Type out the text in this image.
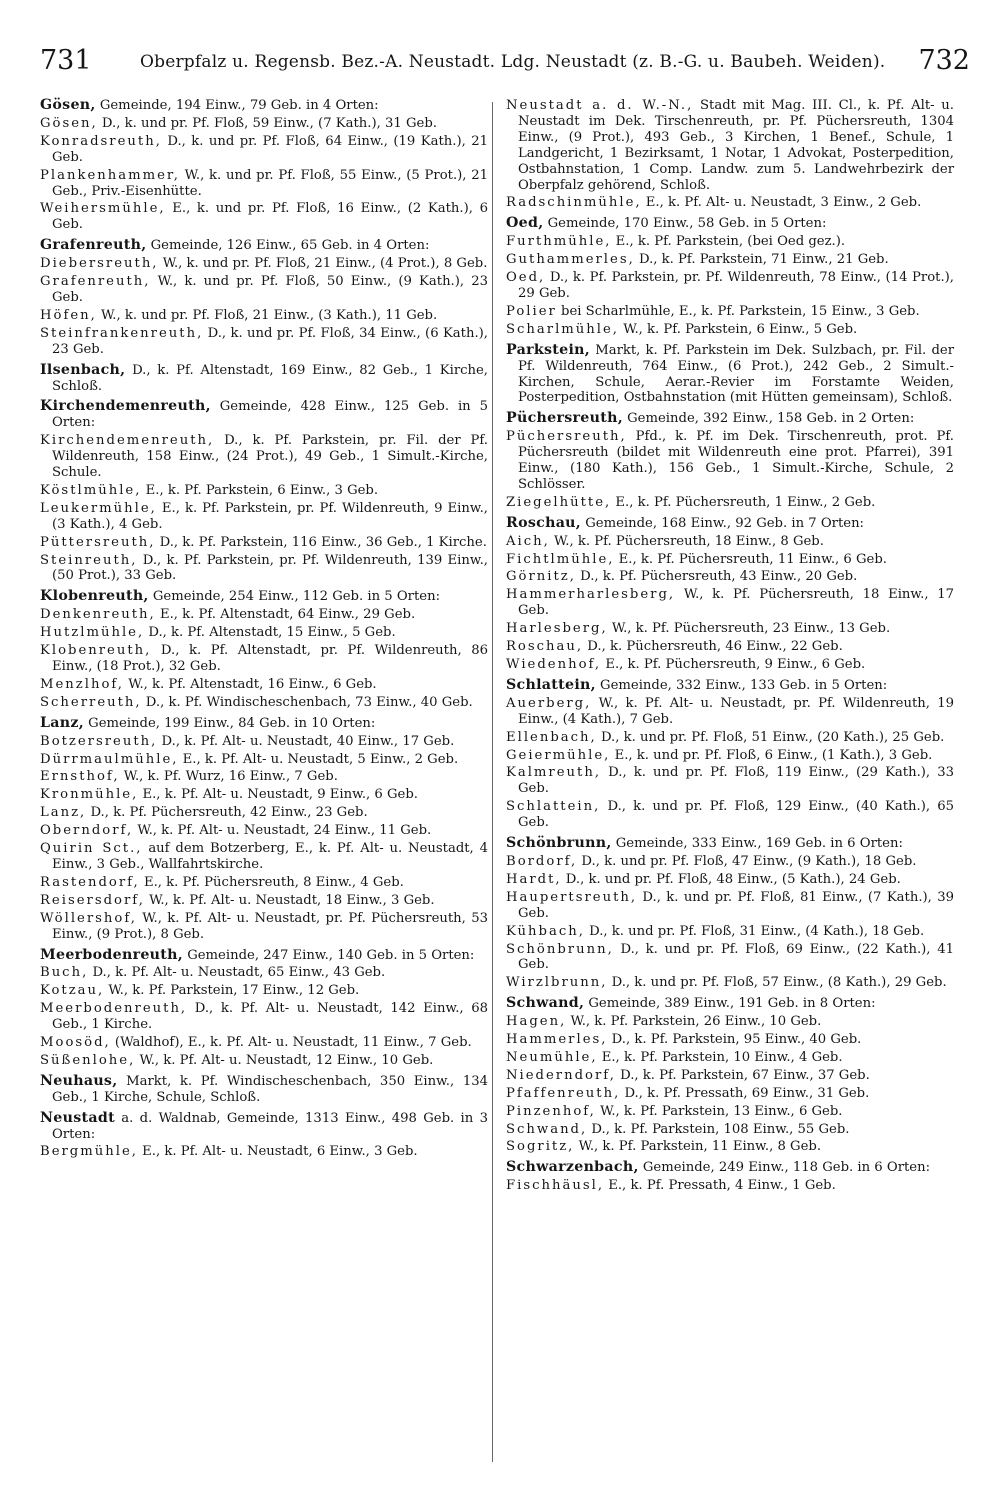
731	Oberpfalz u. Regensb. Bez.-A. Neustadt. Ldg. Neustadt (z. B.-G. u. Baubeh. Weiden). 732
Gösen, Gemeinde, 194 Einw., 79 Geb. in 4 Orten:
Gösen, D., k. und pr. Pf. Floß, 59 Einw., (7 Kath.), 31 Geb.
Konradsreuth, D., k. und pr. Pf. Floß, 64 Einw., (19 Kath.), 21 Geb.
Plankenhammer, W., k. und pr. Pf. Floß, 55 Einw., (5 Prot.), 21 Geb., Priv.-Eisenhütte.
Weihersmühle, E., k. und pr. Pf. Floß, 16 Einw., (2 Kath.), 6 Geb.
Grafenreuth, Gemeinde, 126 Einw., 65 Geb. in 4 Orten:
Diebersreuth, W., k. und pr. Pf. Floß, 21 Einw., (4 Prot.), 8 Geb.
Grafenreuth, W., k. und pr. Pf. Floß, 50 Einw., (9 Kath.), 23 Geb.
Höfen, W., k. und pr. Pf. Floß, 21 Einw., (3 Kath.), 11 Geb.
Steinfrankenreuth, D., k. und pr. Pf. Floß, 34 Einw., (6 Kath.), 23 Geb.
Ilsenbach, D., k. Pf. Altenstadt, 169 Einw., 82 Geb., 1 Kirche, Schloß.
Kirchendemenreuth, Gemeinde, 428 Einw., 125 Geb. in 5 Orten:
Kirchendemenreuth, D., k. Pf. Parkstein, pr. Fil. der Pf. Wildenreuth, 158 Einw., (24 Prot.), 49 Geb., 1 Simult.-Kirche, Schule.
Köstlmühle, E., k. Pf. Parkstein, 6 Einw., 3 Geb.
Leukermühle, E., k. Pf. Parkstein, pr. Pf. Wildenreuth, 9 Einw., (3 Kath.), 4 Geb.
Püttersreuth, D., k. Pf. Parkstein, 116 Einw., 36 Geb., 1 Kirche.
Steinreuth, D., k. Pf. Parkstein, pr. Pf. Wildenreuth, 139 Einw., (50 Prot.), 33 Geb.
Klobenreuth, Gemeinde, 254 Einw., 112 Geb. in 5 Orten:
Denkenreuth, E., k. Pf. Altenstadt, 64 Einw., 29 Geb.
Hutzlmühle, D., k. Pf. Altenstadt, 15 Einw., 5 Geb.
Klobenreuth, D., k. Pf. Altenstadt, pr. Pf. Wildenreuth, 86 Einw., (18 Prot.), 32 Geb.
Menzlhof, W., k. Pf. Altenstadt, 16 Einw., 6 Geb.
Scherreuth, D., k. Pf. Windischeschenbach, 73 Einw., 40 Geb.
Lanz, Gemeinde, 199 Einw., 84 Geb. in 10 Orten:
Botzersreuth, D., k. Pf. Alt- u. Neustadt, 40 Einw., 17 Geb.
Dürrmaulmühle, E., k. Pf. Alt- u. Neustadt, 5 Einw., 2 Geb.
Ernsthof, W., k. Pf. Wurz, 16 Einw., 7 Geb.
Kronmühle, E., k. Pf. Alt- u. Neustadt, 9 Einw., 6 Geb.
Lanz, D., k. Pf. Püchersreuth, 42 Einw., 23 Geb.
Oberndorf, W., k. Pf. Alt- u. Neustadt, 24 Einw., 11 Geb.
Quirin Sct., auf dem Botzerberg, E., k. Pf. Alt- u. Neustadt, 4 Einw., 3 Geb., Wallfahrtskirche.
Rastendorf, E., k. Pf. Püchersreuth, 8 Einw., 4 Geb.
Reisersdorf, W., k. Pf. Alt- u. Neustadt, 18 Einw., 3 Geb.
Wöllershof, W., k. Pf. Alt- u. Neustadt, pr. Pf. Püchersreuth, 53 Einw., (9 Prot.), 8 Geb.
Meerbodenreuth, Gemeinde, 247 Einw., 140 Geb. in 5 Orten:
Buch, D., k. Pf. Alt- u. Neustadt, 65 Einw., 43 Geb.
Kotzau, W., k. Pf. Parkstein, 17 Einw., 12 Geb.
Meerbodenreuth, D., k. Pf. Alt- u. Neustadt, 142 Einw., 68 Geb., 1 Kirche.
Moosöd, (Waldhof), E., k. Pf. Alt- u. Neustadt, 11 Einw., 7 Geb.
Süßenlohe, W., k. Pf. Alt- u. Neustadt, 12 Einw., 10 Geb.
Neuhaus, Markt, k. Pf. Windischeschenbach, 350 Einw., 134 Geb., 1 Kirche, Schule, Schloß.
Neustadt a. d. Waldnab, Gemeinde, 1313 Einw., 498 Geb. in 3 Orten:
Bergmühle, E., k. Pf. Alt- u. Neustadt, 6 Einw., 3 Geb.
Neustadt a. d. W.-N., Stadt mit Mag. III. Cl., k. Pf. Alt- u. Neustadt im Dek. Tirschenreuth, pr. Pf. Püchersreuth, 1304 Einw., (9 Prot.), 493 Geb., 3 Kirchen, 1 Benef., Schule, 1 Landgericht, 1 Bezirksamt, 1 Notar, 1 Advokat, Posterpedition, Ostbahnstation, 1 Comp. Landw. zum 5. Landwehrbezirk der Oberpfalz gehörend, Schloß.
Radschinmühle, E., k. Pf. Alt- u. Neustadt, 3 Einw., 2 Geb.
Oed, Gemeinde, 170 Einw., 58 Geb. in 5 Orten:
Furthmühle, E., k. Pf. Parkstein, (bei Oed gez.).
Guthammerles, D., k. Pf. Parkstein, 71 Einw., 21 Geb.
Oed, D., k. Pf. Parkstein, pr. Pf. Wildenreuth, 78 Einw., (14 Prot.), 29 Geb.
Polier bei Scharlmühle, E., k. Pf. Parkstein, 15 Einw., 3 Geb.
Scharlmühle, W., k. Pf. Parkstein, 6 Einw., 5 Geb.
Parkstein, Markt, k. Pf. Parkstein im Dek. Sulzbach, pr. Fil. der Pf. Wildenreuth, 764 Einw., (6 Prot.), 242 Geb., 2 Simult.-Kirchen, Schule, Aerar.-Revier im Forstamte Weiden, Posterpedition, Ostbahnstation (mit Hütten gemeinsam), Schloß.
Püchersreuth, Gemeinde, 392 Einw., 158 Geb. in 2 Orten:
Püchersreuth, Pfd., k. Pf. im Dek. Tirschenreuth, prot. Pf. Püchersreuth (bildet mit Wildenreuth eine prot. Pfarrei), 391 Einw., (180 Kath.), 156 Geb., 1 Simult.-Kirche, Schule, 2 Schlösser.
Ziegelhütte, E., k. Pf. Püchersreuth, 1 Einw., 2 Geb.
Roschau, Gemeinde, 168 Einw., 92 Geb. in 7 Orten:
Aich, W., k. Pf. Püchersreuth, 18 Einw., 8 Geb.
Fichtlmühle, E., k. Pf. Püchersreuth, 11 Einw., 6 Geb.
Görnitz, D., k. Pf. Püchersreuth, 43 Einw., 20 Geb.
Hammerharlesberg, W., k. Pf. Püchersreuth, 18 Einw., 17 Geb.
Harlesberg, W., k. Pf. Püchersreuth, 23 Einw., 13 Geb.
Roschau, D., k. Püchersreuth, 46 Einw., 22 Geb.
Wiedenhof, E., k. Pf. Püchersreuth, 9 Einw., 6 Geb.
Schlattein, Gemeinde, 332 Einw., 133 Geb. in 5 Orten:
Auerberg, W., k. Pf. Alt- u. Neustadt, pr. Pf. Wildenreuth, 19 Einw., (4 Kath.), 7 Geb.
Ellenbach, D., k. und pr. Pf. Floß, 51 Einw., (20 Kath.), 25 Geb.
Geiermühle, E., k. und pr. Pf. Floß, 6 Einw., (1 Kath.), 3 Geb.
Kalmreuth, D., k. und pr. Pf. Floß, 119 Einw., (29 Kath.), 33 Geb.
Schlattein, D., k. und pr. Pf. Floß, 129 Einw., (40 Kath.), 65 Geb.
Schönbrunn, Gemeinde, 333 Einw., 169 Geb. in 6 Orten:
Bordorf, D., k. und pr. Pf. Floß, 47 Einw., (9 Kath.), 18 Geb.
Hardt, D., k. und pr. Pf. Floß, 48 Einw., (5 Kath.), 24 Geb.
Haupertsreuth, D., k. und pr. Pf. Floß, 81 Einw., (7 Kath.), 39 Geb.
Kühbach, D., k. und pr. Pf. Floß, 31 Einw., (4 Kath.), 18 Geb.
Schönbrunn, D., k. und pr. Pf. Floß, 69 Einw., (22 Kath.), 41 Geb.
Wirzlbrunn, D., k. und pr. Pf. Floß, 57 Einw., (8 Kath.), 29 Geb.
Schwand, Gemeinde, 389 Einw., 191 Geb. in 8 Orten:
Hagen, W., k. Pf. Parkstein, 26 Einw., 10 Geb.
Hammerles, D., k. Pf. Parkstein, 95 Einw., 40 Geb.
Neumühle, E., k. Pf. Parkstein, 10 Einw., 4 Geb.
Niederndorf, D., k. Pf. Parkstein, 67 Einw., 37 Geb.
Pfaffenreuth, D., k. Pf. Pressath, 69 Einw., 31 Geb.
Pinzenhof, W., k. Pf. Parkstein, 13 Einw., 6 Geb.
Schwand, D., k. Pf. Parkstein, 108 Einw., 55 Geb.
Sogritz, W., k. Pf. Parkstein, 11 Einw., 8 Geb.
Schwarzenbach, Gemeinde, 249 Einw., 118 Geb. in 6 Orten:
Fischhäusl, E., k. Pf. Pressath, 4 Einw., 1 Geb.
